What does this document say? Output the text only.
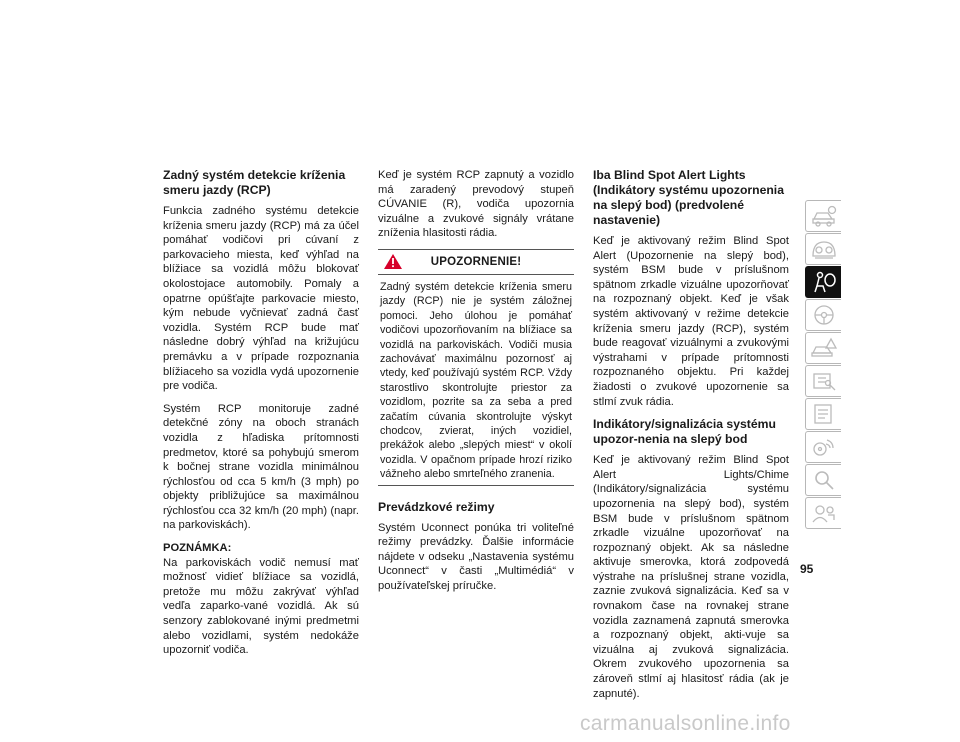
Zadný systém detekcie kríženia smeru jazdy (RCP)

Funkcia zadného systému detekcie kríženia smeru jazdy (RCP) má za účel pomáhať vodičovi pri cúvaní z parkovacieho miesta, keď výhľad na blížiace sa vozidlá môžu blokovať okolostojace automobily. Pomaly a opatrne opúšťajte parkovacie miesto, kým nebude vyčnievať zadná časť vozidla. Systém RCP bude mať následne dobrý výhľad na križujúcu premávku a v prípade rozpoznania blížiaceho sa vozidla vydá upozornenie pre vodiča.

Systém RCP monitoruje zadné detekčné zóny na oboch stranách vozidla z hľadiska prítomnosti predmetov, ktoré sa pohybujú smerom k bočnej strane vozidla minimálnou rýchlosťou od cca 5 km/h (3 mph) po objekty približujúce sa maximálnou rýchlosťou cca 32 km/h (20 mph) (napr. na parkoviskách).

POZNÁMKA:
Na parkoviskách vodič nemusí mať možnosť vidieť blížiace sa vozidlá, pretože mu môžu zakrývať výhľad vedľa zaparko-vané vozidlá. Ak sú senzory zablokované inými predmetmi alebo vozidlami, systém nedokáže upozorniť vodiča.

Keď je systém RCP zapnutý a vozidlo má zaradený prevodový stupeň CÚVANIE (R), vodiča upozornia vizuálne a zvukové signály vrátane zníženia hlasitosti rádia.

UPOZORNENIE!
Zadný systém detekcie kríženia smeru jazdy (RCP) nie je systém záložnej pomoci. Jeho úlohou je pomáhať vodičovi upozorňovaním na blížiace sa vozidlá na parkoviskách. Vodiči musia zachovávať maximálnu pozornosť aj vtedy, keď používajú systém RCP. Vždy starostlivo skontrolujte priestor za vozidlom, pozrite sa za seba a pred začatím cúvania skontrolujte výskyt chodcov, zvierat, iných vozidiel, prekážok alebo „slepých miest“ v okolí vozidla. V opačnom prípade hrozí riziko vážneho alebo smrteľného zranenia.
Prevádzkové režimy

Systém Uconnect ponúka tri voliteľné režimy prevádzky. Ďalšie informácie nájdete v odseku „Nastavenia systému Uconnect“ v časti „Multimédiá“ v používateľskej príručke.

Iba Blind Spot Alert Lights (Indikátory systému upozornenia na slepý bod) (predvolené nastavenie)

Keď je aktivovaný režim Blind Spot Alert (Upozornenie na slepý bod), systém BSM bude v príslušnom spätnom zrkadle vizuálne upozorňovať na rozpoznaný objekt. Keď je však systém aktivovaný v režime detekcie kríženia smeru jazdy (RCP), systém bude reagovať vizuálnymi a zvukovými výstrahami v prípade prítomnosti rozpoznaného objektu. Pri každej žiadosti o zvukové upozornenie sa stlmí zvuk rádia.

Indikátory/signalizácia systému upozor-nenia na slepý bod

Keď je aktivovaný režim Blind Spot Alert Lights/Chime (Indikátory/signalizácia systému upozornenia na slepý bod), systém BSM bude v príslušnom spätnom zrkadle vizuálne upozorňovať na rozpoznaný objekt. Ak sa následne aktivuje smerovka, ktorá zodpovedá výstrahe na príslušnej strane vozidla, zaznie zvuková signalizácia. Keď sa v rovnakom čase na rovnakej strane vozidla zaznamená zapnutá smerovka a rozpoznaný objekt, akti-vuje sa vizuálna aj zvuková signalizácia. Okrem zvukového upozornenia sa zároveň stlmí aj hlasitosť rádia (ak je zapnuté).

95
carmanualsonline.info
